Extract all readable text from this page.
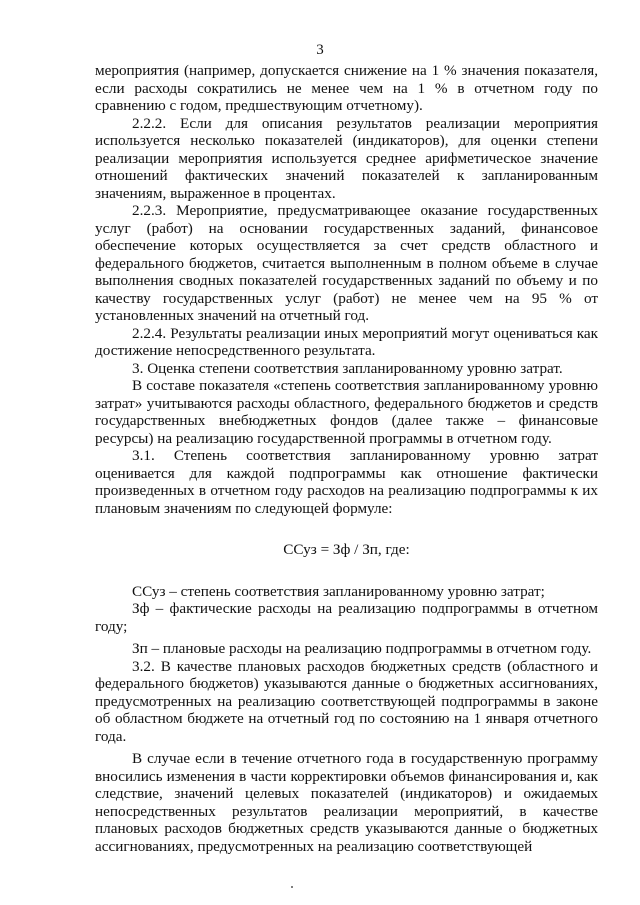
3

мероприятия (например, допускается снижение на 1 % значения показателя, если расходы сократились не менее чем на 1 % в отчетном году по сравнению с годом, предшествующим отчетному).

2.2.2. Если для описания результатов реализации мероприятия используется несколько показателей (индикаторов), для оценки степени реализации мероприятия используется среднее арифметическое значение отношений фактических значений показателей к запланированным значениям, выраженное в процентах.

2.2.3. Мероприятие, предусматривающее оказание государственных услуг (работ) на основании государственных заданий, финансовое обеспечение которых осуществляется за счет средств областного и федерального бюджетов, считается выполненным в полном объеме в случае выполнения сводных показателей государственных заданий по объему и по качеству государственных услуг (работ) не менее чем на 95 % от установленных значений на отчетный год.

2.2.4. Результаты реализации иных мероприятий могут оцениваться как достижение непосредственного результата.

3. Оценка степени соответствия запланированному уровню затрат.

В составе показателя «степень соответствия запланированному уровню затрат» учитываются расходы областного, федерального бюджетов и средств государственных внебюджетных фондов (далее также – финансовые ресурсы) на реализацию государственной программы в отчетном году.

3.1. Степень соответствия запланированному уровню затрат оценивается для каждой подпрограммы как отношение фактически произведенных в отчетном году расходов на реализацию подпрограммы к их плановым значениям по следующей формуле:

ССуз = Зф / Зп, где:

ССуз – степень соответствия запланированному уровню затрат;

Зф – фактические расходы на реализацию подпрограммы в отчетном году;

Зп – плановые расходы на реализацию подпрограммы в отчетном году.

3.2. В качестве плановых расходов бюджетных средств (областного и федерального бюджетов) указываются данные о бюджетных ассигнованиях, предусмотренных на реализацию соответствующей подпрограммы в законе об областном бюджете на отчетный год по состоянию на 1 января отчетного года.

В случае если в течение отчетного года в государственную программу вносились изменения в части корректировки объемов финансирования и, как следствие, значений целевых показателей (индикаторов) и ожидаемых непосредственных результатов реализации мероприятий, в качестве плановых расходов бюджетных средств указываются данные о бюджетных ассигнованиях, предусмотренных на реализацию соответствующей
